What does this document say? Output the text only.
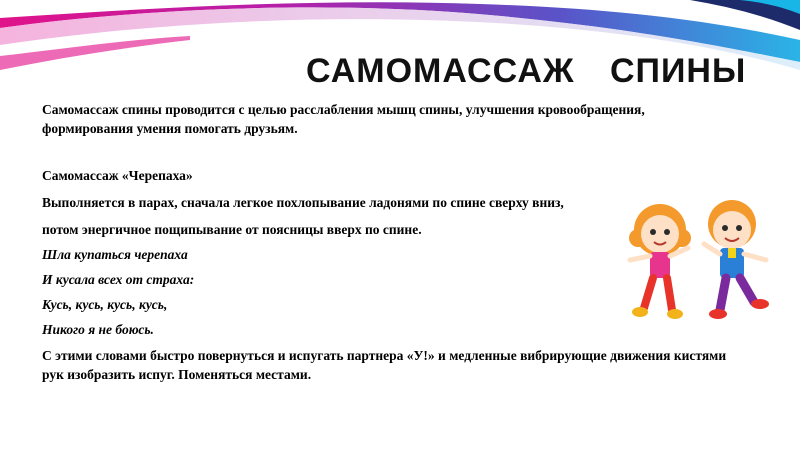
САМОМАССАЖ СПИНЫ
Самомассаж спины проводится с целью расслабления мышц спины, улучшения кровообращения, формирования умения помогать друзьям.
Самомассаж «Черепаха»
Выполняется в парах, сначала легкое похлопывание ладонями по спине сверху вниз,
потом энергичное пощипывание от поясницы вверх по спине.
Шла купаться черепаха
И кусала всех от страха:
Кусь, кусь, кусь, кусь,
Никого я не боюсь.
С этими словами быстро повернуться и испугать партнера «У!» и медленные вибрирующие движения кистями рук изобразить испуг. Поменяться местами.
